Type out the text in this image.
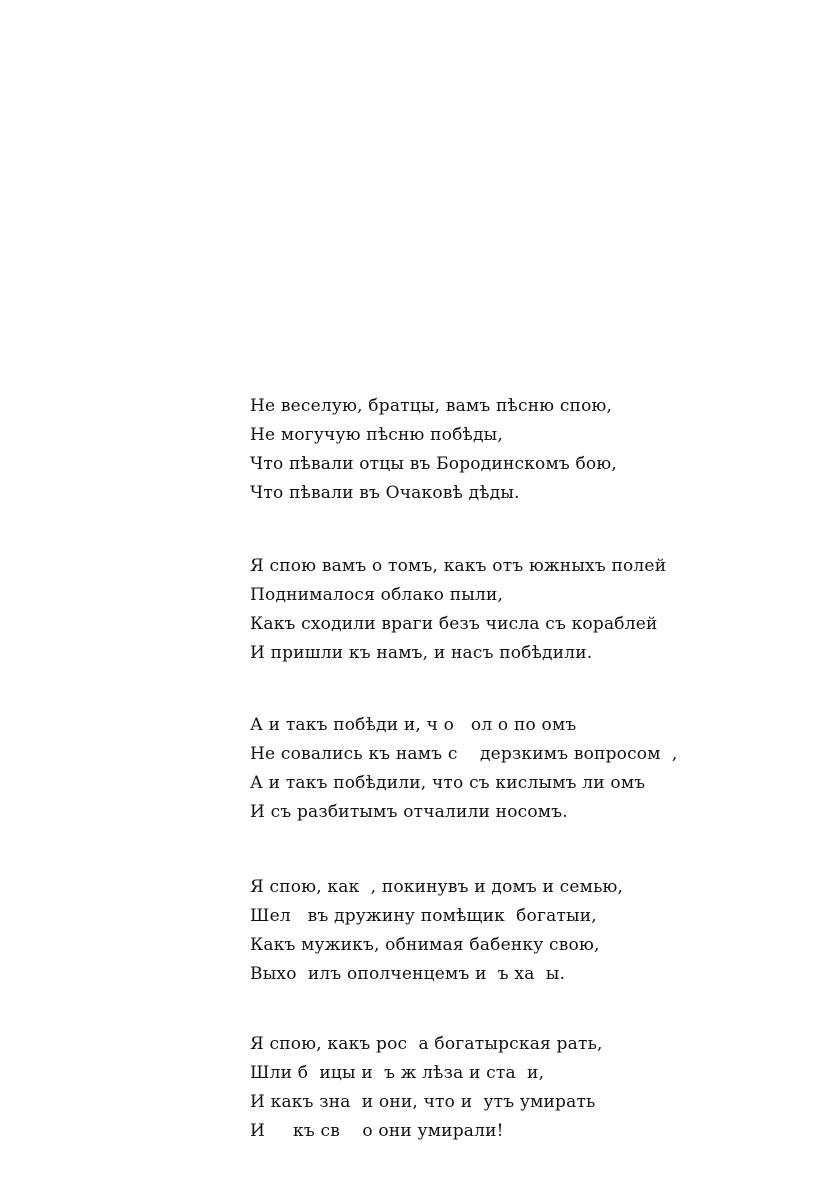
Не веселую, братцы, вамъ пѣсню спою,
Не могучую пѣсню побѣды,
Что пѣвали отцы въ Бородинскомъ бою,
Что пѣвали въ Очаковѣ дѣды.
Я спою вамъ о томъ, какъ отъ южныхъ полей
Поднималося облако пыли,
Какъ сходили враги безъ числа съ кораблей
И пришли къ намъ, и насъ побѣдили.
А и такъ побѣди и, ч о   ол о по омъ
Не совались къ намъ с    дерзкимъ вопросом  ,
А и такъ побѣдили, что съ кислымъ ли омъ
И съ разбитымъ отчалили носомъ.
Я спою, как  , покинувъ и домъ и семью,
Шел   въ дружину помѣщик  богатыи,
Какъ мужикъ, обнимая бабенку свою,
Выхо  илъ ополченцемъ и  ъ ха  ы.
Я спою, какъ рос  а богатырская рать,
Шли б  ицы и  ъ ж лѣза и ста  и,
И какъ зна  и они, что и  утъ умирать
И     къ св    о они умирали!
